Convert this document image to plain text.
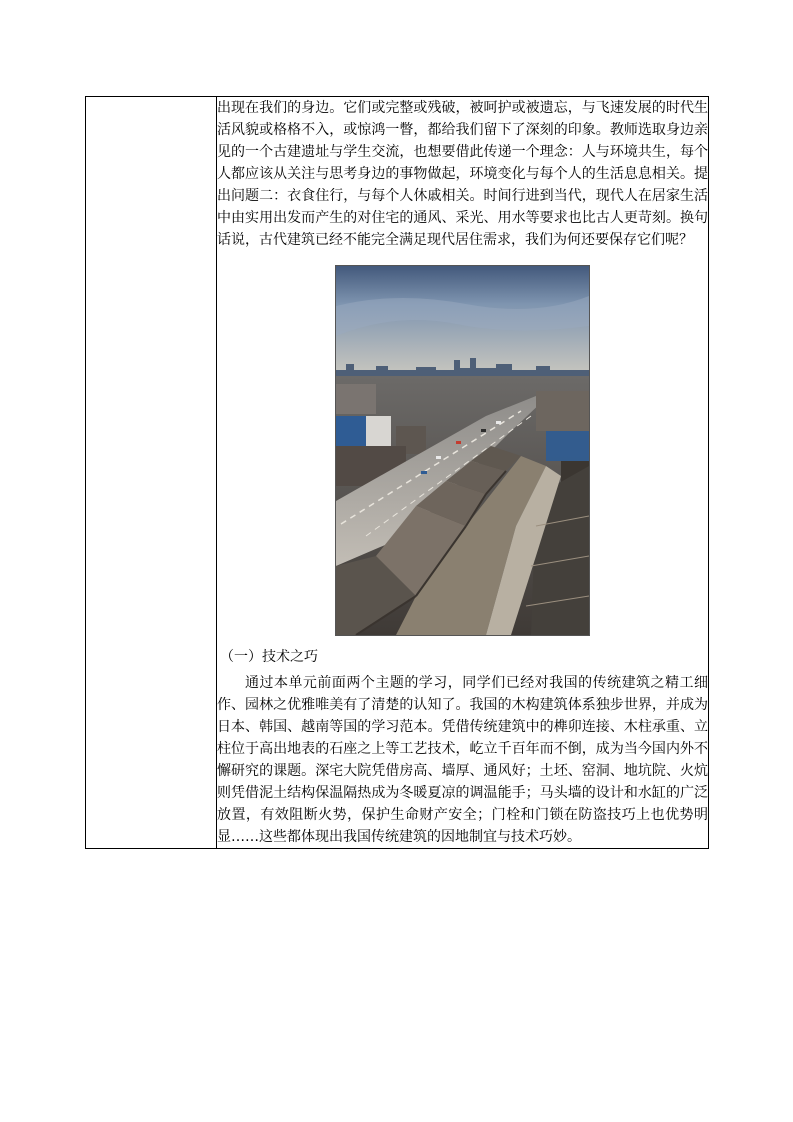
出现在我们的身边。它们或完整或残破，被呵护或被遗忘，与飞速发展的时代生活风貌或格格不入，或惊鸿一瞥，都给我们留下了深刻的印象。教师选取身边亲见的一个古建遗址与学生交流，也想要借此传递一个理念：人与环境共生，每个人都应该从关注与思考身边的事物做起，环境变化与每个人的生活息息相关。提出问题二：衣食住行，与每个人休戚相关。时间行进到当代，现代人在居家生活中由实用出发而产生的对住宅的通风、采光、用水等要求也比古人更苛刻。换句话说，古代建筑已经不能完全满足现代居住需求，我们为何还要保存它们呢？

（一）技术之巧

通过本单元前面两个主题的学习，同学们已经对我国的传统建筑之精工细作、园林之优雅唯美有了清楚的认知了。我国的木构建筑体系独步世界，并成为日本、韩国、越南等国的学习范本。凭借传统建筑中的榫卯连接、木柱承重、立柱位于高出地表的石座之上等工艺技术，屹立千百年而不倒，成为当今国内外不懈研究的课题。深宅大院凭借房高、墙厚、通风好；土坯、窑洞、地坑院、火炕则凭借泥土结构保温隔热成为冬暖夏凉的调温能手；马头墙的设计和水缸的广泛放置，有效阻断火势，保护生命财产安全；门栓和门锁在防盗技巧上也优势明显……这些都体现出我国传统建筑的因地制宜与技术巧妙。
